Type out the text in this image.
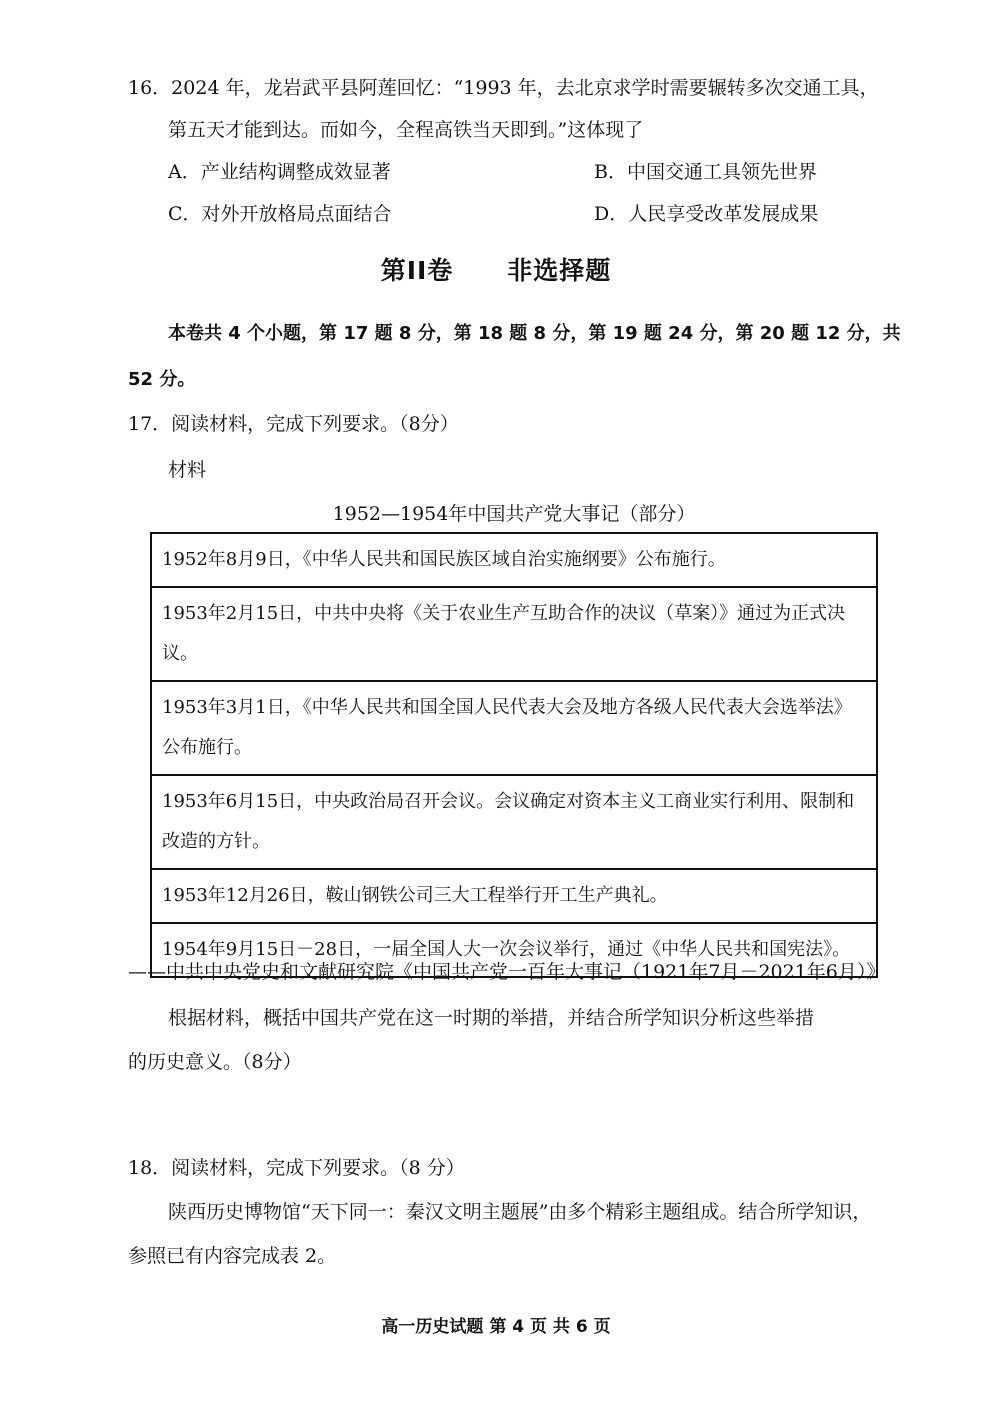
16．2024 年，龙岩武平县阿莲回忆：“1993 年，去北京求学时需要辗转多次交通工具，
第五天才能到达。而如今，全程高铁当天即到。”这体现了
A．产业结构调整成效显著	B．中国交通工具领先世界
C．对外开放格局点面结合	D．人民享受改革发展成果
第II卷 非选择题
本卷共 4 个小题，第 17 题 8 分，第 18 题 8 分，第 19 题 24 分，第 20 题 12 分，共
52 分。
17．阅读材料，完成下列要求。（8分）
材料
1952—1954年中国共产党大事记（部分）
1952年8月9日，《中华人民共和国民族区域自治实施纲要》公布施行。
1953年2月15日，中共中央将《关于农业生产互助合作的决议（草案）》通过为正式决议。
1953年3月1日，《中华人民共和国全国人民代表大会及地方各级人民代表大会选举法》公布施行。
1953年6月15日，中央政治局召开会议。会议确定对资本主义工商业实行利用、限制和改造的方针。
1953年12月26日，鞍山钢铁公司三大工程举行开工生产典礼。
1954年9月15日－28日，一届全国人大一次会议举行，通过《中华人民共和国宪法》。
——中共中央党史和文献研究院《中国共产党一百年大事记（1921年7月－2021年6月）》
根据材料，概括中国共产党在这一时期的举措，并结合所学知识分析这些举措
的历史意义。（8分）
18．阅读材料，完成下列要求。（8 分）
陕西历史博物馆“天下同一：秦汉文明主题展”由多个精彩主题组成。结合所学知识，
参照已有内容完成表 2。
高一历史试题 第 4 页 共 6 页
